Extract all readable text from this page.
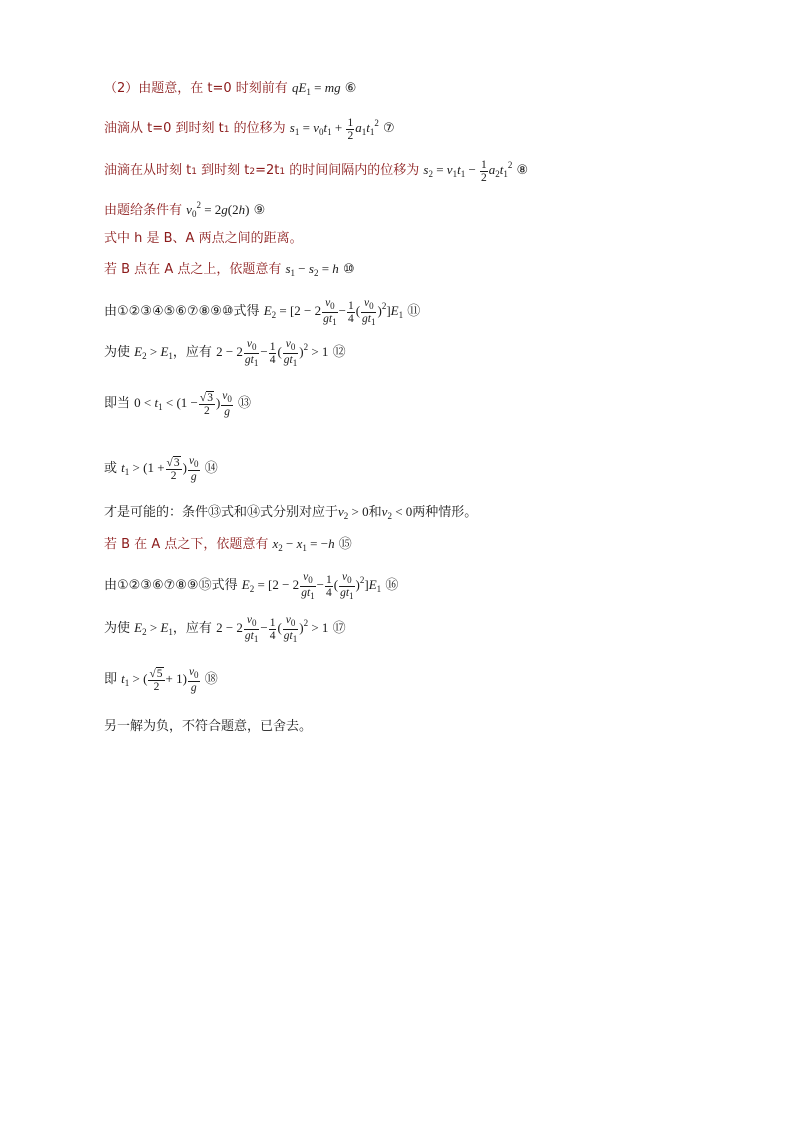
（2）由题意，在 t=0 时刻前有 $qE_1$ = mg ⑥
油滴从 t=0 到时刻 t1 的位移为 $s_1 = v_0t_1 + \frac{1}{2} a_1t_1^2$ ⑦
油滴在从时刻 t1 到时刻 t2=2t1 的时间间隔内的位移为 $s_2 = v_1t_1 - \frac{1}{2} a_2t_1^2$ ⑧
由题给条件有 $v_0^2 = 2g(2h)$ ⑨
式中 h 是 B、A 两点之间的距离。
若 B 点在 A 点之上，依题意有 $s_1 - s_2 = h$ ⑩
由①②③④⑤⑥⑦⑧⑨⑩式得 $E_2 = [2 - 2 \frac{v_0}{gt_1} - \frac{1}{4}$ ( $\frac{v_0}{gt_1} )^2]E_1$ ⑪
为使 $E_2 > E_1$，应有 $2 - 2 \frac{v_0}{gt_1} - \frac{1}{4}$ ( $\frac{v_0}{gt_1} )^2 > 1$ ⑫
即当 $0 < t_1 < (1 - \frac{√3}{2}$ ) $\frac{v_0}{g}$ ⑬
或 $t_1 > (1 + \frac{√3}{2}$ ) $\frac{v_0}{g}$ ⑭
才是可能的：条件⑬式和⑭式分别对应于$v_2 > 0$和$v_2 < 0$两种情形。
若 B 在 A 点之下，依题意有 $x_2 - x_1 = -h$ ⑮
由①②③⑥⑦⑧⑨⑮式得 $E_2 = [2 - 2 \frac{v_0}{gt_1} - \frac{1}{4}$ ( $\frac{v_0}{gt_1} )^2]E_1$ ⑯
为使 $E_2 > E_1$，应有 $2 - 2 \frac{v_0}{gt_1} - \frac{1}{4}$ ( $\frac{v_0}{gt_1} )^2 > 1$ ⑰
即 $t_1$ > ( $\frac{√5}{2} + 1) \frac{v_0}{g}$ ⑱
另一解为负，不符合题意，已舍去。
